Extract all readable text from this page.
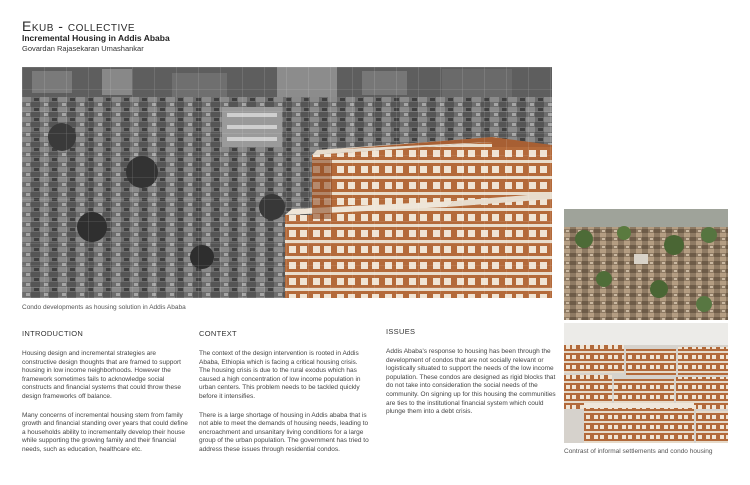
Ekub - collective
Incremental Housing in Addis Ababa
Govardan Rajasekaran Umashankar
Condo developments as housing solution in Addis Ababa
Contrast of informal settlements and condo housing
INTRODUCTION

Housing design and incremental strategies are constructive design thoughts that are framed to support housing in low income neighborhoods. However the framework sometimes fails to acknowledge social constructs and financial systems that could throw these design frameworks off balance.

Many concerns of incremental housing stem from family growth and financial standing over years that could define a households ability to incrementally develop their house while supporting the growing family and their financial needs, such as education, healthcare etc.

CONTEXT

The context of the design intervention is rooted in Addis Ababa, Ethiopia which is facing a critical housing crisis. The housing crisis is due to the rural exodus which has caused a high concentration of low income population in urban centers. This problem needs to be tackled quickly before it intensifies.

There is a large shortage of housing in Addis ababa that is not able to meet the demands of housing needs, leading to encroachment and unsanitary living conditions for a large group of the urban population. The government has tried to address these issues through residential condos.

ISSUES

Addis Ababa's response to housing has been through the development of condos that are not socially relevant or logistically situated to support the needs of the low income population. These condos are designed as rigid blocks that do not take into consideration the social needs of the community. On signing up for this housing the communities are ties to the institutional financial system which could plunge them into a debt crisis.
